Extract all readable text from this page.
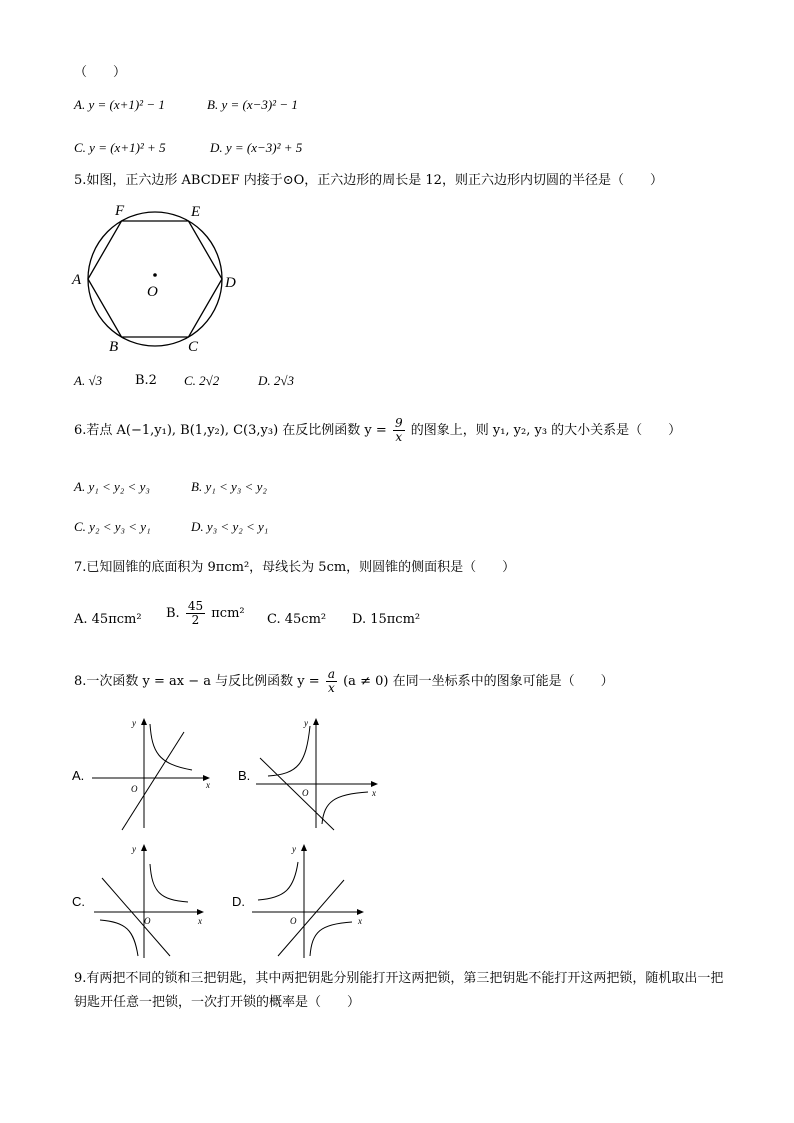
（　　）
A. y = (x+1)² − 1	B. y = (x−3)² − 1
C. y = (x+1)² + 5	D. y = (x−3)² + 5
5.如图，正六边形 ABCDEF 内接于⊙O，正六边形的周长是 12，则正六边形内切圆的半径是（　　）
F	E
A	D
B	C
O
A. √3	B.2 C. 2√2	D. 2√3
6.若点 A(−1,y₁), B(1,y₂), C(3,y₃) 在反比例函数 $y = \frac{9}{x}$ 的图象上，则 y₁, y₂, y₃ 的大小关系是（　　）
A. y₁ < y₂ < y₃	B. y₁ < y₃ < y₂
C. y₂ < y₃ < y₁	D. y₃ < y₂ < y₁
7.已知圆锥的底面积为 9πcm²，母线长为 5cm，则圆锥的侧面积是（　　）
A. 45πcm² B. $\frac{45}{2} \pi cm^2$ C. 45cm² D. 15πcm²
8.一次函数 y = ax − a 与反比例函数 $y = \frac{a}{x} (a \ne 0)$ 在同一坐标系中的图象可能是（　　）
A.
x
y
O
B.
x
y
O
C.
x
y
O
D.
x
y
O
9.有两把不同的锁和三把钥匙，其中两把钥匙分别能打开这两把锁，第三把钥匙不能打开这两把锁，随机取出一把钥匙开任意一把锁，一次打开锁的概率是（　　）
